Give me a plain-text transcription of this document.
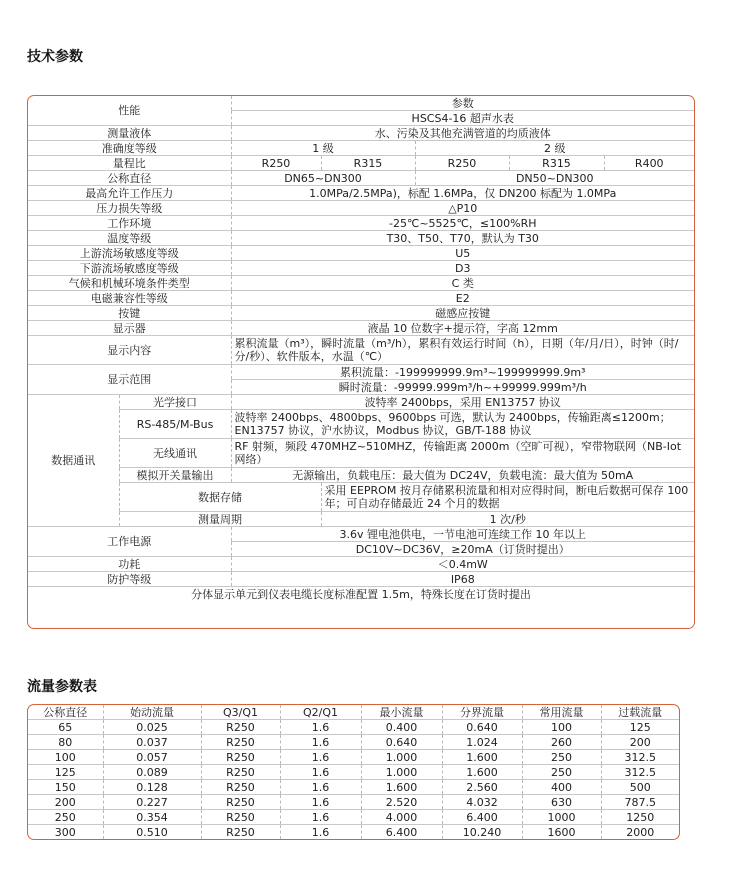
技术参数
性能		参数				
		HSCS4-16 超声水表				
测量液体		水、污染及其他充满管道的均质液体				
准确度等级		1 级		2 级		
量程比		R250	R315	R250	R315	R400
公称直径		DN65~DN300		DN50~DN300		
最高允许工作压力		1.0MPa/2.5MPa)，标配 1.6MPa，仅 DN200 标配为 1.0MPa				
压力损失等级		△P10				
工作环境		-25℃~5525℃，≤100%RH				
温度等级		T30、T50、T70，默认为 T30				
上游流场敏感度等级		U5				
下游流场敏感度等级		D3				
气候和机械环境条件类型		C 类				
电磁兼容性等级		E2				
按键		磁感应按键				
显示器		液晶 10 位数字+提示符，字高 12mm				
显示内容		累积流量（m³），瞬时流量（m³/h），累积有效运行时间（h），日期（年/月/日），时钟（时/分/秒）、软件版本，水温（℃）				
显示范围		累积流量：-199999999.9m³~199999999.9m³				
		瞬时流量：-99999.999m³/h~+99999.999m³/h				
数据通讯	光学接口	波特率 2400bps，采用 EN13757 协议				
	RS-485/M-Bus	波特率 2400bps、4800bps、9600bps 可选，默认为 2400bps，传输距离≤1200m；EN13757 协议，沪水协议，Modbus 协议，GB/T-188 协议				
	无线通讯	RF 射频，频段 470MHZ~510MHZ，传输距离 2000m（空旷可视），窄带物联网（NB-Iot 网络）				
	模拟开关量输出	无源输出，负载电压：最大值为 DC24V，负载电流：最大值为 50mA				
	数据存储		采用 EEPROM 按月存储累积流量和相对应得时间，断电后数据可保存 100 年；可自动存储最近 24 个月的数据			
	测量周期		1 次/秒			
工作电源		3.6v 锂电池供电，一节电池可连续工作 10 年以上				
		DC10V~DC36V，≥20mA（订货时提出）				
功耗		＜0.4mW				
防护等级		IP68				
分体显示单元到仪表电缆长度标准配置 1.5m，特殊长度在订货时提出						
流量参数表
公称直径	始动流量	Q3/Q1	Q2/Q1	最小流量	分界流量	常用流量	过载流量
65	0.025	R250	1.6	0.400	0.640	100	125
80	0.037	R250	1.6	0.640	1.024	260	200
100	0.057	R250	1.6	1.000	1.600	250	312.5
125	0.089	R250	1.6	1.000	1.600	250	312.5
150	0.128	R250	1.6	1.600	2.560	400	500
200	0.227	R250	1.6	2.520	4.032	630	787.5
250	0.354	R250	1.6	4.000	6.400	1000	1250
300	0.510	R250	1.6	6.400	10.240	1600	2000
